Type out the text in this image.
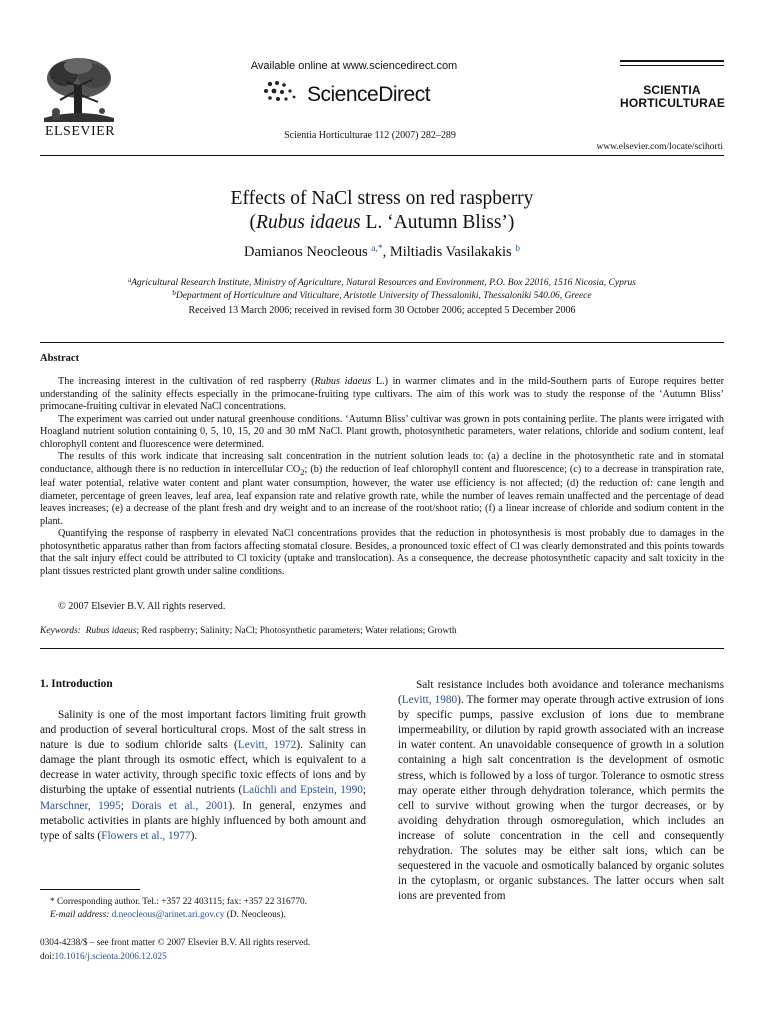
ELSEVIER
Available online at www.sciencedirect.com
ScienceDirect
Scientia Horticulturae 112 (2007) 282–289
SCIENTIA
HORTICULTURAE
www.elsevier.com/locate/scihorti
Effects of NaCl stress on red raspberry
(Rubus idaeus L. ‘Autumn Bliss’)
Damianos Neocleous $^{a,*}$, Miltiadis Vasilakakis $^b$
$^a$Agricultural Research Institute, Ministry of Agriculture, Natural Resources and Environment, P.O. Box 22016, 1516 Nicosia, Cyprus
$^b$Department of Horticulture and Viticulture, Aristotle University of Thessaloniki, Thessaloniki 540.06, Greece
Received 13 March 2006; received in revised form 30 October 2006; accepted 5 December 2006
Abstract

The increasing interest in the cultivation of red raspberry (Rubus idaeus L.) in warmer climates and in the mild-Southern parts of Europe requires better understanding of the salinity effects especially in the primocane-fruiting type cultivars. The aim of this work was to study the response of the ‘Autumn Bliss’ primocane-fruiting cultivar in elevated NaCl concentrations.

The experiment was carried out under natural greenhouse conditions. ‘Autumn Bliss’ cultivar was grown in pots containing perlite. The plants were irrigated with Hoagland nutrient solution containing 0, 5, 10, 15, 20 and 30 mM NaCl. Plant growth, photosynthetic parameters, water relations, chloride and sodium content, leaf chlorophyll content and fluorescence were determined.

The results of this work indicate that increasing salt concentration in the nutrient solution leads to: (a) a decline in the photosynthetic rate and in stomatal conductance, although there is no reduction in intercellular $CO_2$; (b) the reduction of leaf chlorophyll content and fluorescence; (c) to a decrease in transpiration rate, leaf water potential, relative water content and plant water consumption, however, the water use efficiency is not affected; (d) the reduction of: cane length and diameter, percentage of green leaves, leaf area, leaf expansion rate and relative growth rate, while the number of leaves remain unaffected and the percentage of dead leaves increases; (e) a decrease of the plant fresh and dry weight and to an increase of the root/shoot ratio; (f) a linear increase of chloride and sodium content in the plant.

Quantifying the response of raspberry in elevated NaCl concentrations provides that the reduction in photosynthesis is most probably due to damages in the photosynthetic apparatus rather than from factors affecting stomatal closure. Besides, a pronounced toxic effect of Cl was clearly demonstrated and this points towards that the salt injury effect could be attributed to Cl toxicity (uptake and translocation). As a consequence, the decrease photosynthetic capacity and salt toxicity in the plant tissues restricted plant growth under saline conditions.

© 2007 Elsevier B.V. All rights reserved.
Keywords: Rubus idaeus; Red raspberry; Salinity; NaCl; Photosynthetic parameters; Water relations; Growth
1. Introduction

Salinity is one of the most important factors limiting fruit growth and production of several horticultural crops. Most of the salt stress in nature is due to sodium chloride salts (Levitt, 1972). Salinity can damage the plant through its osmotic effect, which is equivalent to a decrease in water activity, through specific toxic effects of ions and by disturbing the uptake of essential nutrients (Laüchli and Epstein, 1990; Marschner, 1995; Dorais et al., 2001). In general, enzymes and metabolic activities in plants are highly influenced by both amount and type of salts (Flowers et al., 1977).

Salt resistance includes both avoidance and tolerance mechanisms (Levitt, 1980). The former may operate through active extrusion of ions by specific pumps, passive exclusion of ions due to membrane impermeability, or dilution by rapid growth associated with an increase in water content. An unavoidable consequence of growth in a solution containing a high salt concentration is the development of osmotic stress, which is followed by a loss of turgor. Tolerance to osmotic stress may operate either through dehydration tolerance, which permits the cell to survive without growing when the turgor decreases, or by avoiding dehydration through osmoregulation, which includes an increase of solute concentration in the cell and consequently rehydration. The solutes may be either salt ions, which can be sequestered in the vacuole and osmotically balanced by organic solutes in the cytoplasm, or organic substances. The latter occurs when salt ions are prevented from

* Corresponding author. Tel.: +357 22 403115; fax: +357 22 316770.
E-mail address: d.neocleous@arinet.ari.gov.cy (D. Neocleous).
0304-4238/$ – see front matter © 2007 Elsevier B.V. All rights reserved.
doi:10.1016/j.scienta.2006.12.025
